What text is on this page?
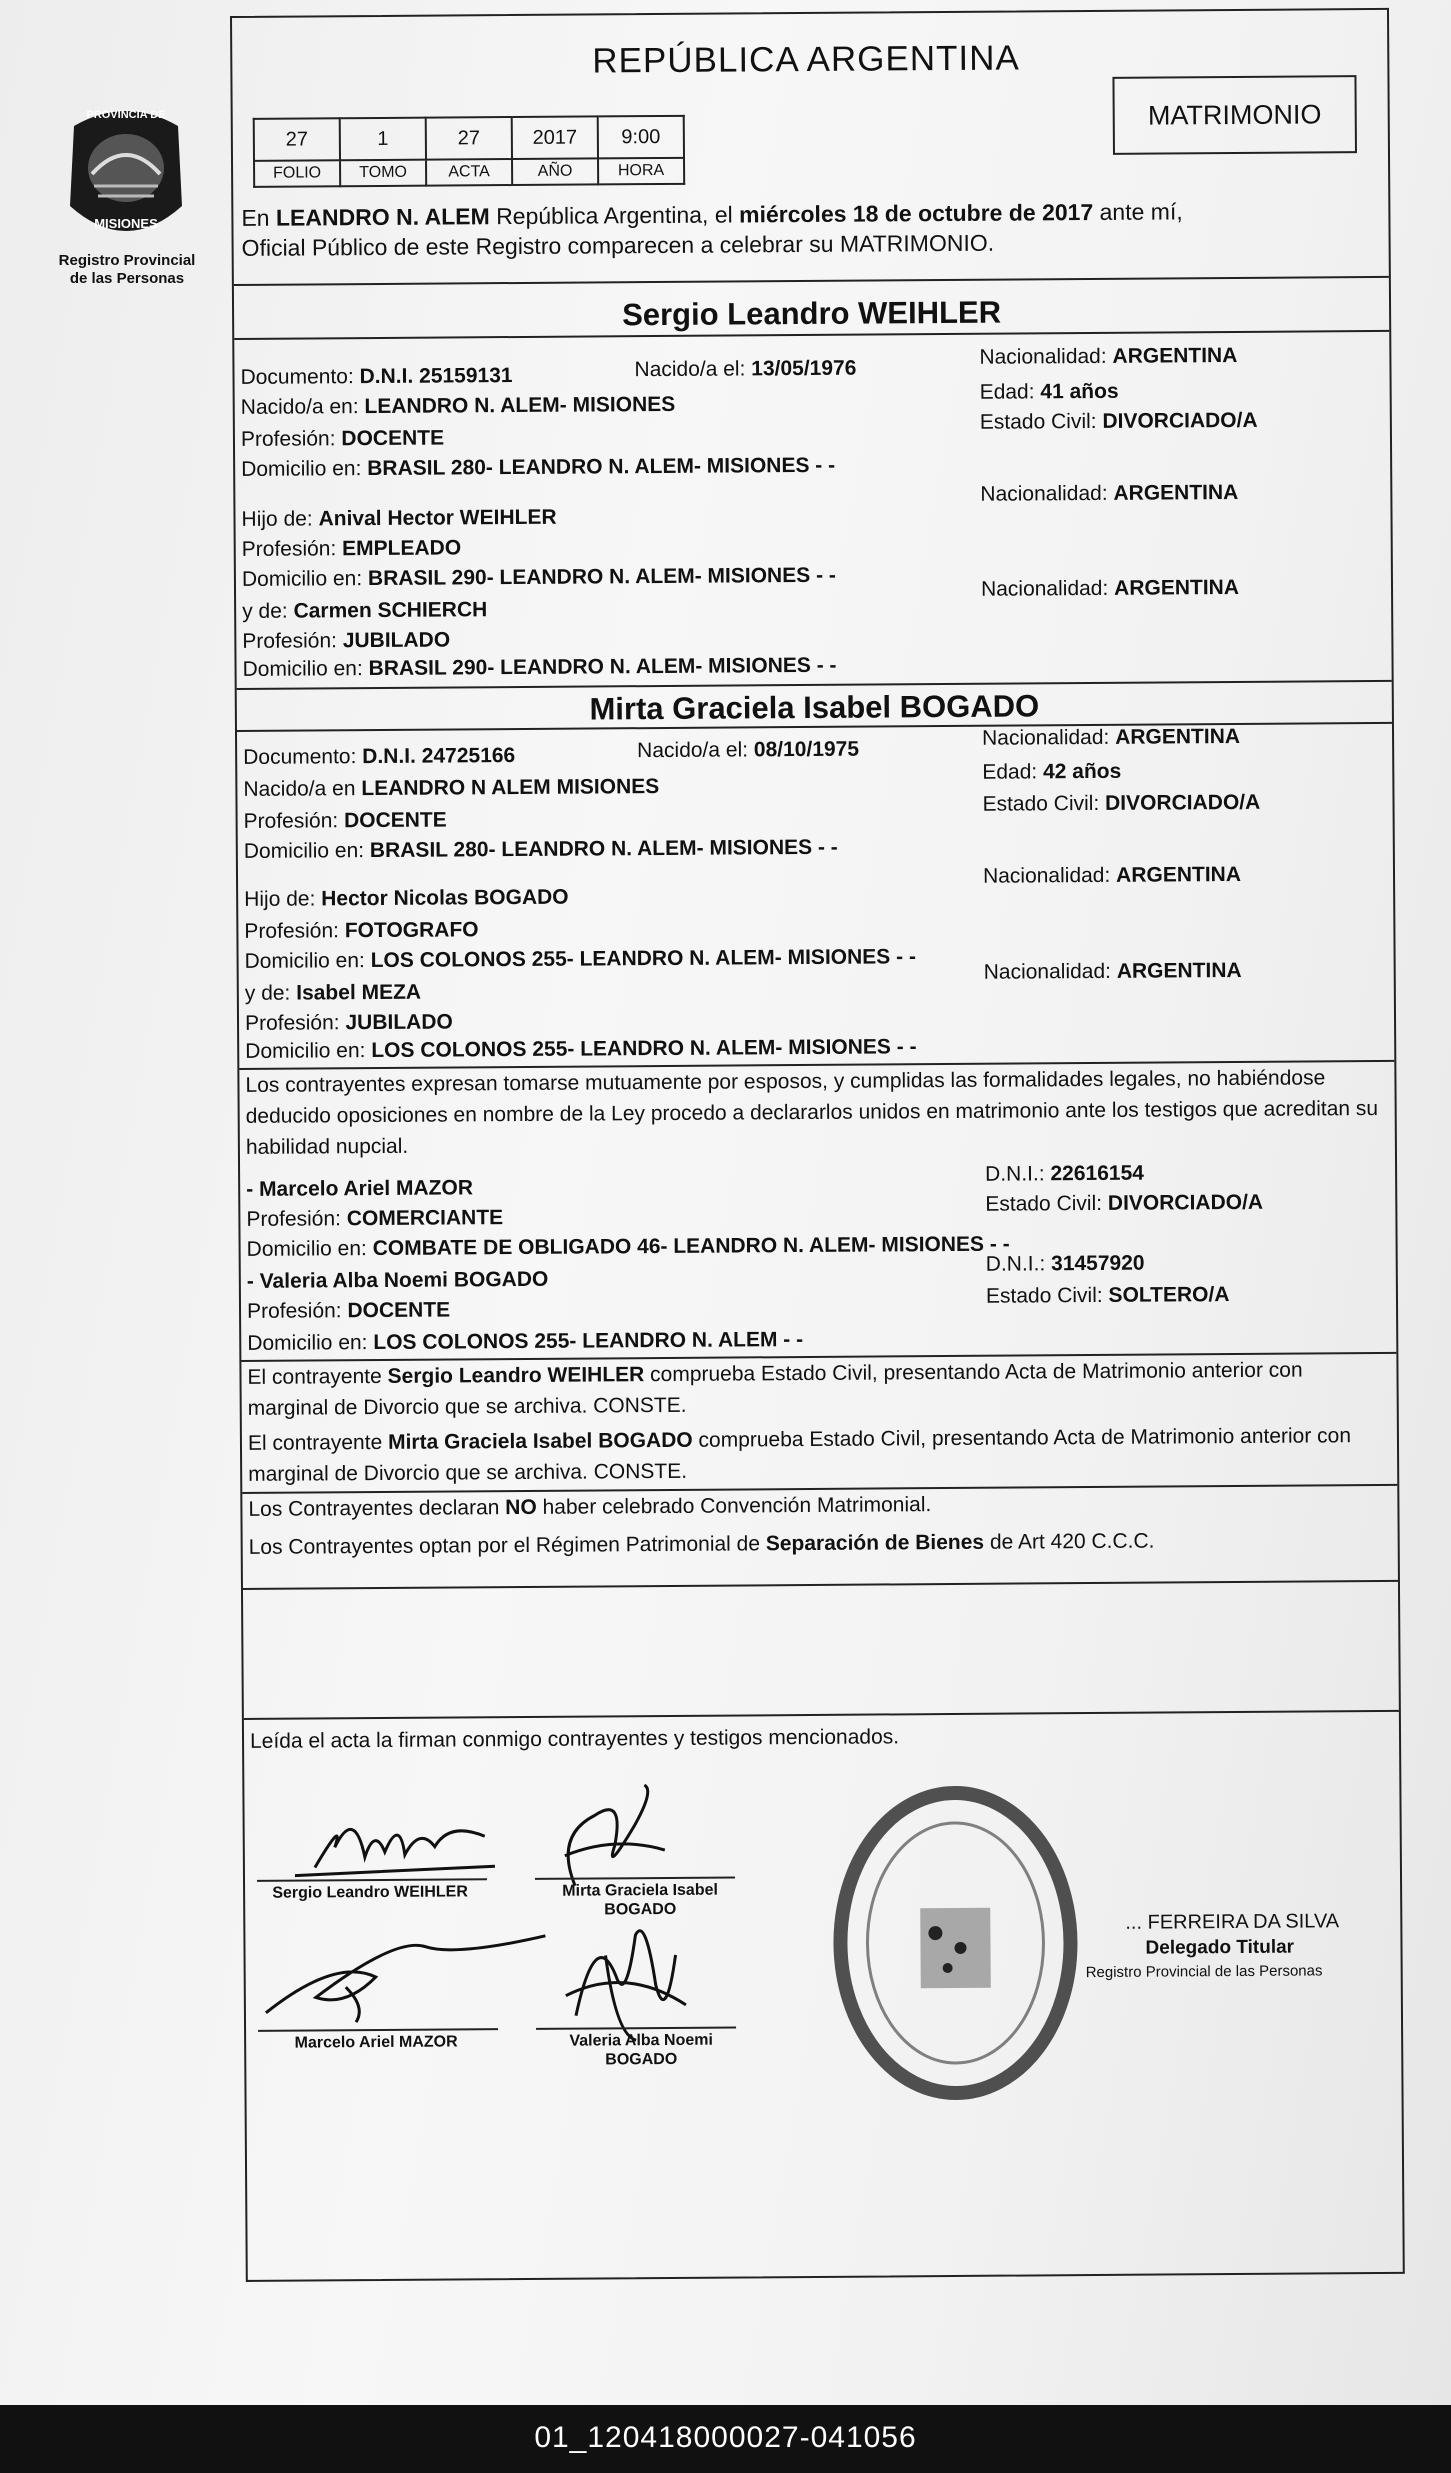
PROVINCIA DE
MISIONES
Registro Provincial
de las Personas
REPÚBLICA ARGENTINA
MATRIMONIO
27	1	27	2017	9:00
FOLIO	TOMO	ACTA	AÑO	HORA
En LEANDRO N. ALEM República Argentina, el miércoles 18 de octubre de 2017 ante mí,
Oficial Público de este Registro comparecen a celebrar su MATRIMONIO.
Sergio Leandro WEIHLER
Documento: D.N.I. 25159131	Nacido/a el: 13/05/1976	Nacionalidad: ARGENTINA
Nacido/a en: LEANDRO N. ALEM- MISIONES
Edad: 41 años
Profesión: DOCENTE
Estado Civil: DIVORCIADO/A
Domicilio en: BRASIL 280- LEANDRO N. ALEM- MISIONES - -
Nacionalidad: ARGENTINA
Hijo de: Anival Hector WEIHLER
Profesión: EMPLEADO
Domicilio en: BRASIL 290- LEANDRO N. ALEM- MISIONES - -	Nacionalidad: ARGENTINA
y de: Carmen SCHIERCH
Profesión: JUBILADO
Domicilio en: BRASIL 290- LEANDRO N. ALEM- MISIONES - -
Mirta Graciela Isabel BOGADO
Documento: D.N.I. 24725166	Nacido/a el: 08/10/1975	Nacionalidad: ARGENTINA
Nacido/a en LEANDRO N ALEM MISIONES
Edad: 42 años
Profesión: DOCENTE
Estado Civil: DIVORCIADO/A
Domicilio en: BRASIL 280- LEANDRO N. ALEM- MISIONES - -
Nacionalidad: ARGENTINA
Hijo de: Hector Nicolas BOGADO
Profesión: FOTOGRAFO
Domicilio en: LOS COLONOS 255- LEANDRO N. ALEM- MISIONES - -	Nacionalidad: ARGENTINA
y de: Isabel MEZA
Profesión: JUBILADO
Domicilio en: LOS COLONOS 255- LEANDRO N. ALEM- MISIONES - -
Los contrayentes expresan tomarse mutuamente por esposos, y cumplidas las formalidades legales, no habiéndose deducido oposiciones en nombre de la Ley procedo a declararlos unidos en matrimonio ante los testigos que acreditan su habilidad nupcial.
- Marcelo Ariel MAZOR
D.N.I.: 22616154
Profesión: COMERCIANTE
Estado Civil: DIVORCIADO/A
Domicilio en: COMBATE DE OBLIGADO 46- LEANDRO N. ALEM- MISIONES - -
- Valeria Alba Noemi BOGADO
D.N.I.: 31457920
Profesión: DOCENTE
Estado Civil: SOLTERO/A
Domicilio en: LOS COLONOS 255- LEANDRO N. ALEM - -
El contrayente Sergio Leandro WEIHLER comprueba Estado Civil, presentando Acta de Matrimonio anterior con marginal de Divorcio que se archiva. CONSTE.
El contrayente Mirta Graciela Isabel BOGADO comprueba Estado Civil, presentando Acta de Matrimonio anterior con marginal de Divorcio que se archiva. CONSTE.
Los Contrayentes declaran NO haber celebrado Convención Matrimonial.
Los Contrayentes optan por el Régimen Patrimonial de Separación de Bienes de Art 420 C.C.C.
Leída el acta la firman conmigo contrayentes y testigos mencionados.
Sergio Leandro WEIHLER	Mirta Graciela Isabel
BOGADO
Marcelo Ariel MAZOR	Valeria Alba Noemi
BOGADO
... FERREIRA DA SILVA
Delegado Titular
Registro Provincial de las Personas
01_120418000027-041056
